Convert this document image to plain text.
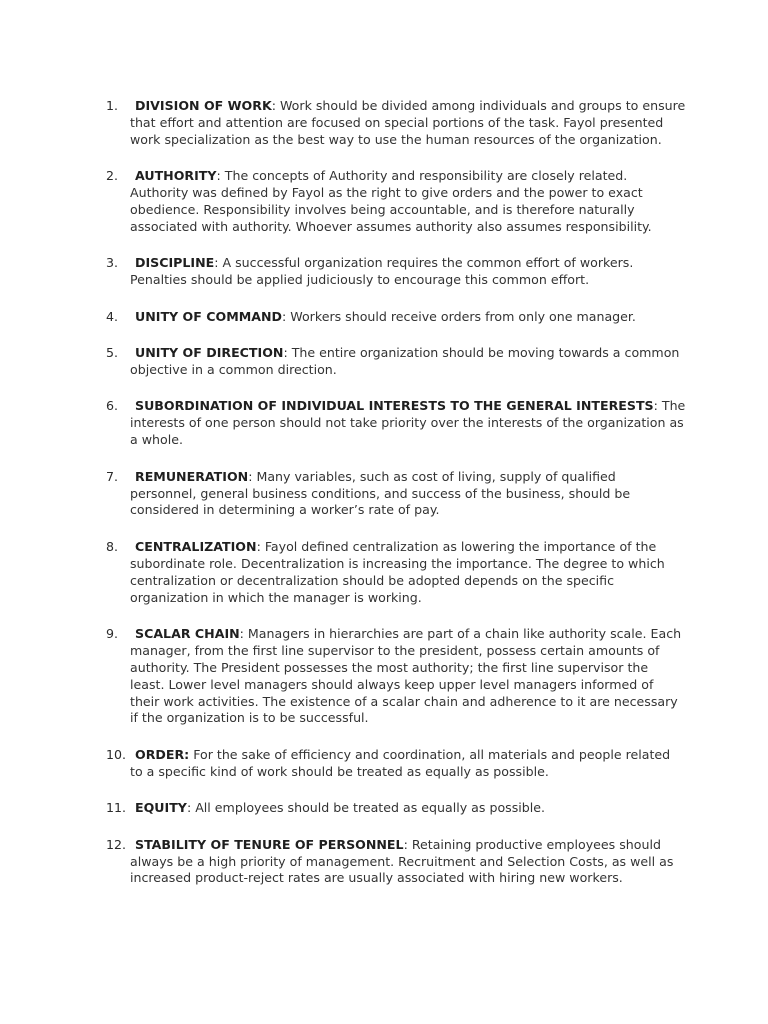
1.	DIVISION OF WORK: Work should be divided among individuals and groups to ensure that effort and attention are focused on special portions of the task. Fayol presented work specialization as the best way to use the human resources of the organization.
2.	AUTHORITY: The concepts of Authority and responsibility are closely related. Authority was defined by Fayol as the right to give orders and the power to exact obedience. Responsibility involves being accountable, and is therefore naturally associated with authority. Whoever assumes authority also assumes responsibility.
3.	DISCIPLINE: A successful organization requires the common effort of workers. Penalties should be applied judiciously to encourage this common effort.
4.	UNITY OF COMMAND: Workers should receive orders from only one manager.
5.	UNITY OF DIRECTION: The entire organization should be moving towards a common objective in a common direction.
6.	SUBORDINATION OF INDIVIDUAL INTERESTS TO THE GENERAL INTERESTS: The interests of one person should not take priority over the interests of the organization as a whole.
7.	REMUNERATION: Many variables, such as cost of living, supply of qualified personnel, general business conditions, and success of the business, should be considered in determining a worker’s rate of pay.
8.	CENTRALIZATION: Fayol defined centralization as lowering the importance of the subordinate role. Decentralization is increasing the importance. The degree to which centralization or decentralization should be adopted depends on the specific organization in which the manager is working.
9.	SCALAR CHAIN: Managers in hierarchies are part of a chain like authority scale. Each manager, from the first line supervisor to the president, possess certain amounts of authority. The President possesses the most authority; the first line supervisor the least. Lower level managers should always keep upper level managers informed of their work activities. The existence of a scalar chain and adherence to it are necessary if the organization is to be successful.
10. ORDER: For the sake of efficiency and coordination, all materials and people related to a specific kind of work should be treated as equally as possible.
11. EQUITY: All employees should be treated as equally as possible.
12. STABILITY OF TENURE OF PERSONNEL: Retaining productive employees should always be a high priority of management. Recruitment and Selection Costs, as well as increased product-reject rates are usually associated with hiring new workers.
